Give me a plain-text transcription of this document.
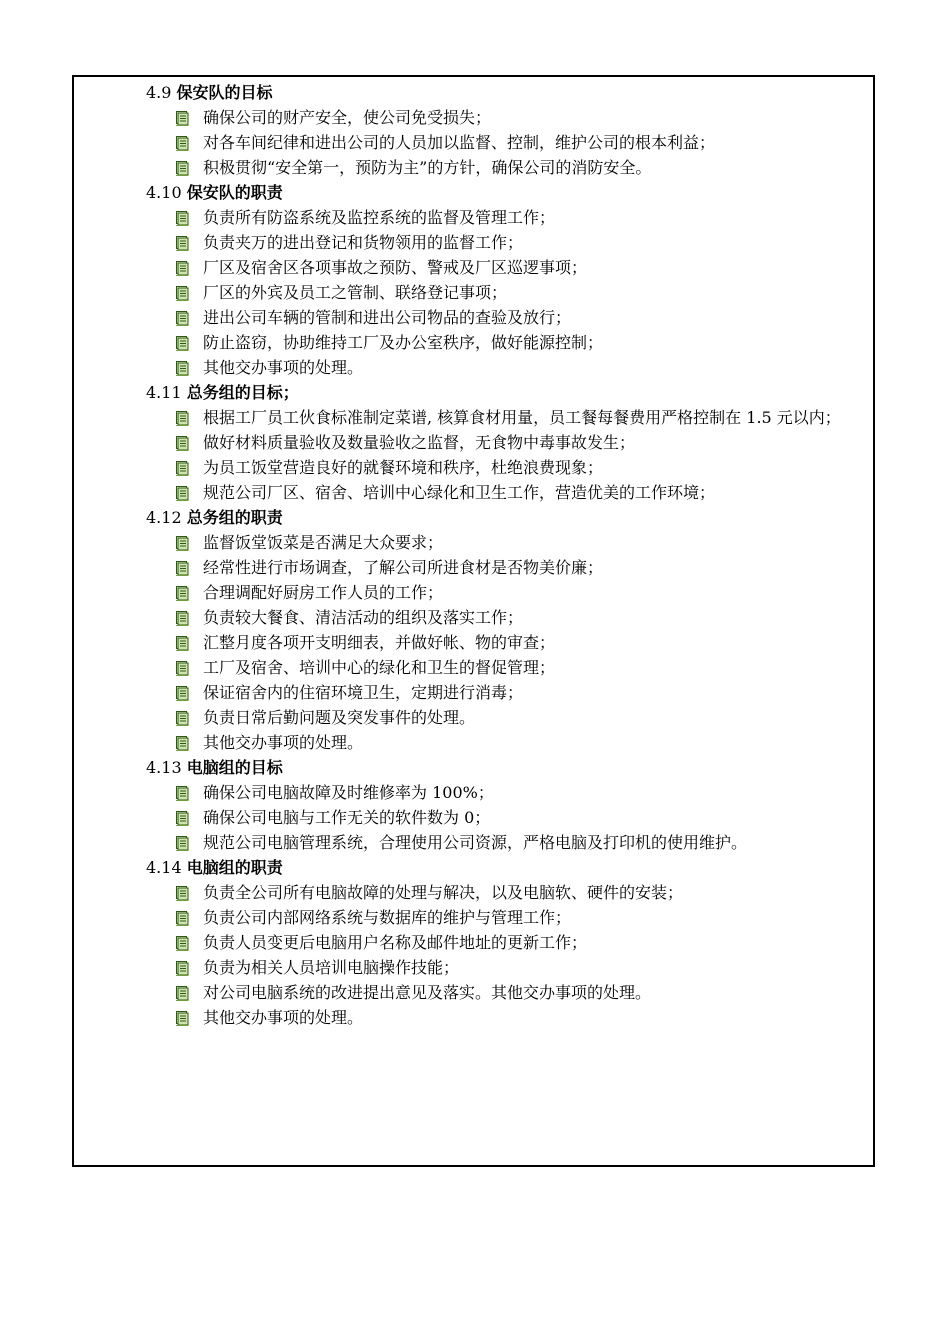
4.9 保安队的目标
确保公司的财产安全，使公司免受损失；
对各车间纪律和进出公司的人员加以监督、控制，维护公司的根本利益；
积极贯彻“安全第一，预防为主”的方针，确保公司的消防安全。
4.10 保安队的职责
负责所有防盗系统及监控系统的监督及管理工作；
负责夹万的进出登记和货物领用的监督工作；
厂区及宿舍区各项事故之预防、警戒及厂区巡逻事项；
厂区的外宾及员工之管制、联络登记事项；
进出公司车辆的管制和进出公司物品的查验及放行；
防止盗窃，协助维持工厂及办公室秩序，做好能源控制；
其他交办事项的处理。
4.11 总务组的目标；
根据工厂员工伙食标准制定菜谱, 核算食材用量，员工餐每餐费用严格控制在 1.5 元以内；
做好材料质量验收及数量验收之监督，无食物中毒事故发生；
为员工饭堂营造良好的就餐环境和秩序，杜绝浪费现象；
规范公司厂区、宿舍、培训中心绿化和卫生工作，营造优美的工作环境；
4.12 总务组的职责
监督饭堂饭菜是否满足大众要求；
经常性进行市场调查，了解公司所进食材是否物美价廉；
合理调配好厨房工作人员的工作；
负责较大餐食、清洁活动的组织及落实工作；
汇整月度各项开支明细表，并做好帐、物的审查；
工厂及宿舍、培训中心的绿化和卫生的督促管理；
保证宿舍内的住宿环境卫生，定期进行消毒；
负责日常后勤问题及突发事件的处理。
其他交办事项的处理。
4.13 电脑组的目标
确保公司电脑故障及时维修率为 100%；
确保公司电脑与工作无关的软件数为 0；
规范公司电脑管理系统，合理使用公司资源，严格电脑及打印机的使用维护。
4.14 电脑组的职责
负责全公司所有电脑故障的处理与解决，以及电脑软、硬件的安装；
负责公司内部网络系统与数据库的维护与管理工作；
负责人员变更后电脑用户名称及邮件地址的更新工作；
负责为相关人员培训电脑操作技能；
对公司电脑系统的改进提出意见及落实。其他交办事项的处理。
其他交办事项的处理。
